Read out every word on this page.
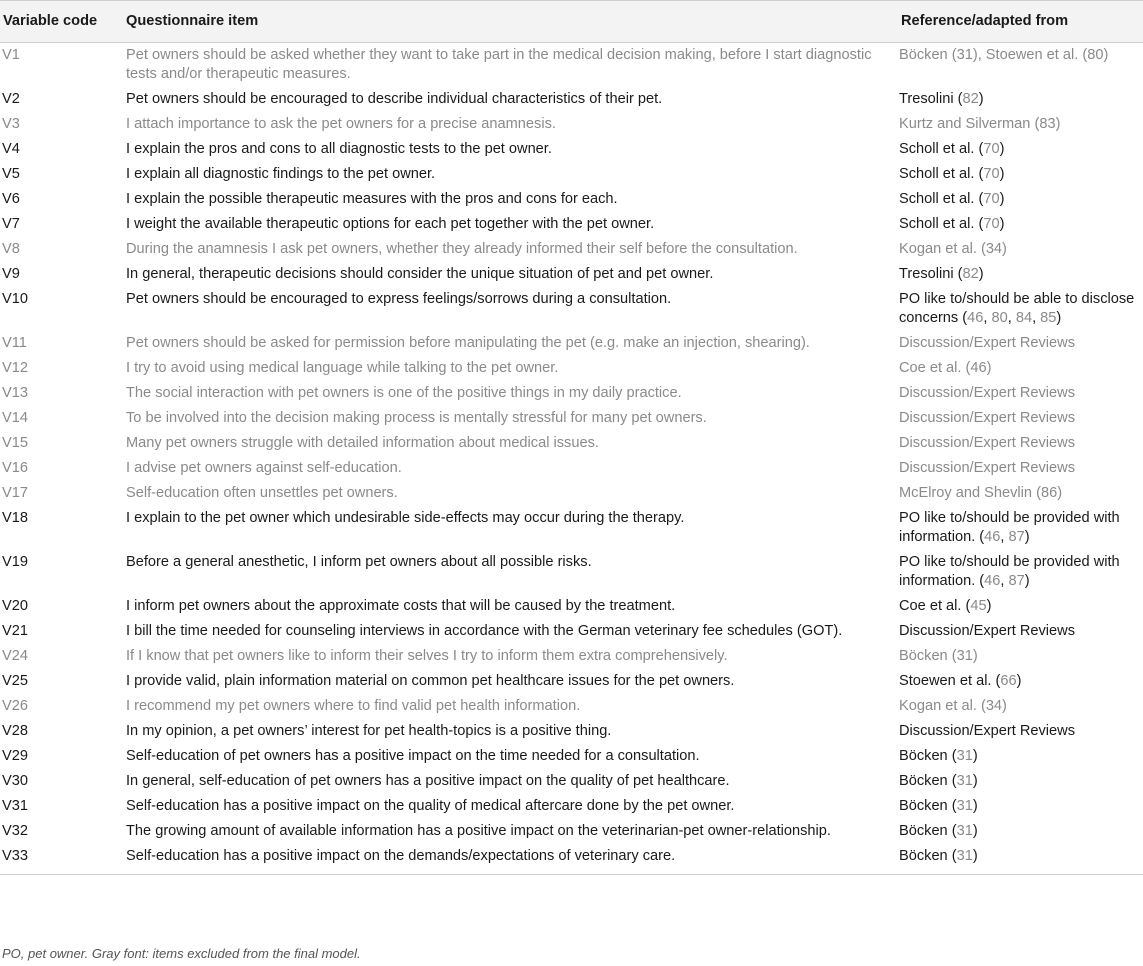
Variable code	Questionnaire item	Reference/adapted from
V1	Pet owners should be asked whether they want to take part in the medical decision making, before I start diagnostic tests and/or therapeutic measures.	Böcken (31), Stoewen et al. (80)
V2	Pet owners should be encouraged to describe individual characteristics of their pet.	Tresolini (82)
V3	I attach importance to ask the pet owners for a precise anamnesis.	Kurtz and Silverman (83)
V4	I explain the pros and cons to all diagnostic tests to the pet owner.	Scholl et al. (70)
V5	I explain all diagnostic findings to the pet owner.	Scholl et al. (70)
V6	I explain the possible therapeutic measures with the pros and cons for each.	Scholl et al. (70)
V7	I weight the available therapeutic options for each pet together with the pet owner.	Scholl et al. (70)
V8	During the anamnesis I ask pet owners, whether they already informed their self before the consultation.	Kogan et al. (34)
V9	In general, therapeutic decisions should consider the unique situation of pet and pet owner.	Tresolini (82)
V10	Pet owners should be encouraged to express feelings/sorrows during a consultation.	PO like to/should be able to disclose concerns (46, 80, 84, 85)
V11	Pet owners should be asked for permission before manipulating the pet (e.g. make an injection, shearing).	Discussion/Expert Reviews
V12	I try to avoid using medical language while talking to the pet owner.	Coe et al. (46)
V13	The social interaction with pet owners is one of the positive things in my daily practice.	Discussion/Expert Reviews
V14	To be involved into the decision making process is mentally stressful for many pet owners.	Discussion/Expert Reviews
V15	Many pet owners struggle with detailed information about medical issues.	Discussion/Expert Reviews
V16	I advise pet owners against self-education.	Discussion/Expert Reviews
V17	Self-education often unsettles pet owners.	McElroy and Shevlin (86)
V18	I explain to the pet owner which undesirable side-effects may occur during the therapy.	PO like to/should be provided with information. (46, 87)
V19	Before a general anesthetic, I inform pet owners about all possible risks.	PO like to/should be provided with information. (46, 87)
V20	I inform pet owners about the approximate costs that will be caused by the treatment.	Coe et al. (45)
V21	I bill the time needed for counseling interviews in accordance with the German veterinary fee schedules (GOT).	Discussion/Expert Reviews
V24	If I know that pet owners like to inform their selves I try to inform them extra comprehensively.	Böcken (31)
V25	I provide valid, plain information material on common pet healthcare issues for the pet owners.	Stoewen et al. (66)
V26	I recommend my pet owners where to find valid pet health information.	Kogan et al. (34)
V28	In my opinion, a pet owners’ interest for pet health-topics is a positive thing.	Discussion/Expert Reviews
V29	Self-education of pet owners has a positive impact on the time needed for a consultation.	Böcken (31)
V30	In general, self-education of pet owners has a positive impact on the quality of pet healthcare.	Böcken (31)
V31	Self-education has a positive impact on the quality of medical aftercare done by the pet owner.	Böcken (31)
V32	The growing amount of available information has a positive impact on the veterinarian-pet owner-relationship.	Böcken (31)
V33	Self-education has a positive impact on the demands/expectations of veterinary care.	Böcken (31)
PO, pet owner. Gray font: items excluded from the final model.
